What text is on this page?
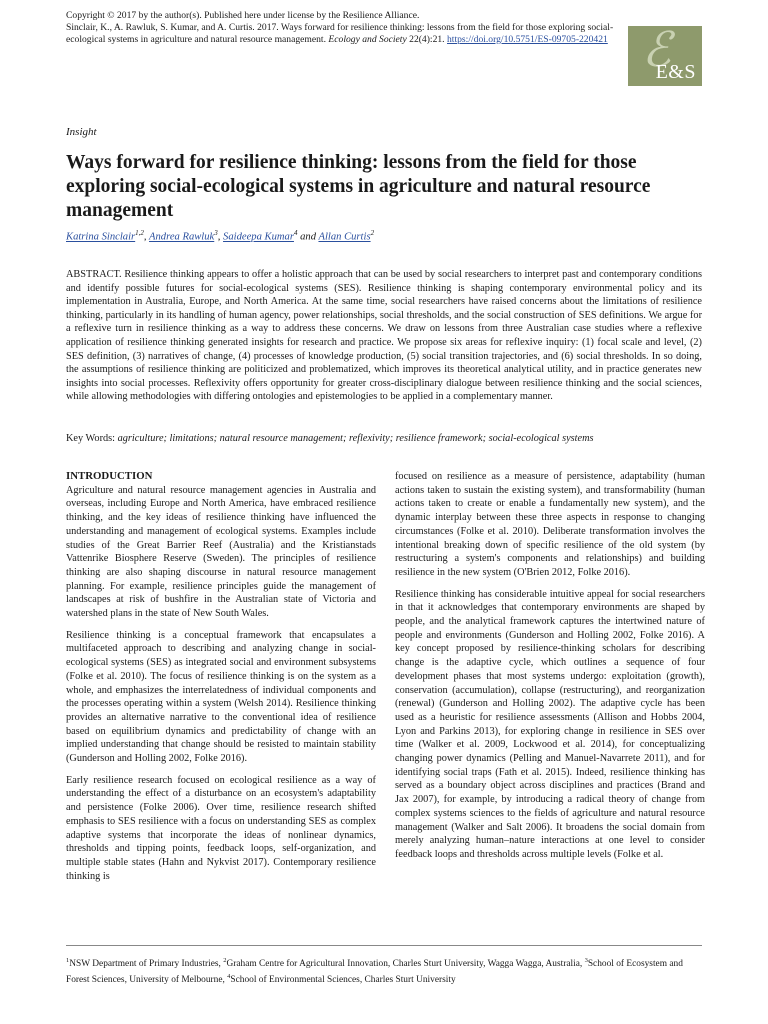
Copyright © 2017 by the author(s). Published here under license by the Resilience Alliance.
Sinclair, K., A. Rawluk, S. Kumar, and A. Curtis. 2017. Ways forward for resilience thinking: lessons from the field for those exploring social-ecological systems in agriculture and natural resource management. Ecology and Society 22(4):21. https://doi.org/10.5751/ES-09705-220421 ℰ
E&S
Insight
Ways forward for resilience thinking: lessons from the field for those exploring social-ecological systems in agriculture and natural resource management
Katrina Sinclair$^{1,2}$, Andrea Rawluk$^3$, Saideepa Kumar$^4$ and Allan Curtis$^2$

ABSTRACT. Resilience thinking appears to offer a holistic approach that can be used by social researchers to interpret past and contemporary conditions and identify possible futures for social-ecological systems (SES). Resilience thinking is shaping contemporary environmental policy and its implementation in Australia, Europe, and North America. At the same time, social researchers have raised concerns about the limitations of resilience thinking, particularly in its handling of human agency, power relationships, social thresholds, and the social construction of SES definitions. We argue for a reflexive turn in resilience thinking as a way to address these concerns. We draw on lessons from three Australian case studies where a reflexive application of resilience thinking generated insights for research and practice. We propose six areas for reflexive inquiry: (1) focal scale and level, (2) SES definition, (3) narratives of change, (4) processes of knowledge production, (5) social transition trajectories, and (6) social thresholds. In so doing, the assumptions of resilience thinking are politicized and problematized, which improves its theoretical analytical utility, and in practice generates new insights into social processes. Reflexivity offers opportunity for greater cross-disciplinary dialogue between resilience thinking and the social sciences, while allowing methodologies with differing ontologies and epistemologies to be applied in a complementary manner.

Key Words: agriculture; limitations; natural resource management; reflexivity; resilience framework; social-ecological systems
INTRODUCTION

Agriculture and natural resource management agencies in Australia and overseas, including Europe and North America, have embraced resilience thinking, and the key ideas of resilience thinking have influenced the understanding and management of ecological systems. Examples include studies of the Great Barrier Reef (Australia) and the Kristianstads Vattenrike Biosphere Reserve (Sweden). The principles of resilience thinking are also shaping discourse in natural resource management planning. For example, resilience principles guide the management of landscapes at risk of bushfire in the Australian state of Victoria and watershed plans in the state of New South Wales.

Resilience thinking is a conceptual framework that encapsulates a multifaceted approach to describing and analyzing change in social-ecological systems (SES) as integrated social and environment subsystems (Folke et al. 2010). The focus of resilience thinking is on the system as a whole, and emphasizes the interrelatedness of individual components and the processes operating within a system (Welsh 2014). Resilience thinking provides an alternative narrative to the conventional idea of resilience based on equilibrium dynamics and predictability of change with an implied understanding that change should be resisted to maintain stability (Gunderson and Holling 2002, Folke 2016).

Early resilience research focused on ecological resilience as a way of understanding the effect of a disturbance on an ecosystem's adaptability and persistence (Folke 2006). Over time, resilience research shifted emphasis to SES resilience with a focus on understanding SES as complex adaptive systems that incorporate the ideas of nonlinear dynamics, thresholds and tipping points, feedback loops, self-organization, and multiple stable states (Hahn and Nykvist 2017). Contemporary resilience thinking is

focused on resilience as a measure of persistence, adaptability (human actions taken to sustain the existing system), and transformability (human actions taken to create or enable a fundamentally new system), and the dynamic interplay between these three aspects in response to changing circumstances (Folke et al. 2010). Deliberate transformation involves the intentional breaking down of specific resilience of the old system (by restructuring a system's components and relationships) and building resilience in the new system (O'Brien 2012, Folke 2016).

Resilience thinking has considerable intuitive appeal for social researchers in that it acknowledges that contemporary environments are shaped by people, and the analytical framework captures the intertwined nature of people and environments (Gunderson and Holling 2002, Folke 2016). A key concept proposed by resilience-thinking scholars for describing change is the adaptive cycle, which outlines a sequence of four development phases that most systems undergo: exploitation (growth), conservation (accumulation), collapse (restructuring), and reorganization (renewal) (Gunderson and Holling 2002). The adaptive cycle has been used as a heuristic for resilience assessments (Allison and Hobbs 2004, Lyon and Parkins 2013), for exploring change in resilience in SES over time (Walker et al. 2009, Lockwood et al. 2014), for conceptualizing changing power dynamics (Pelling and Manuel-Navarrete 2011), and for identifying social traps (Fath et al. 2015). Indeed, resilience thinking has served as a boundary object across disciplines and practices (Brand and Jax 2007), for example, by introducing a radical theory of change from complex systems sciences to the fields of agriculture and natural resource management (Walker and Salt 2006). It broadens the social domain from merely analyzing human–nature interactions at one level to consider feedback loops and thresholds across multiple levels (Folke et al.

$^1$NSW Department of Primary Industries, $^2$Graham Centre for Agricultural Innovation, Charles Sturt University, Wagga Wagga, Australia, $^3$School of Ecosystem and Forest Sciences, University of Melbourne, $^4$School of Environmental Sciences, Charles Sturt University
